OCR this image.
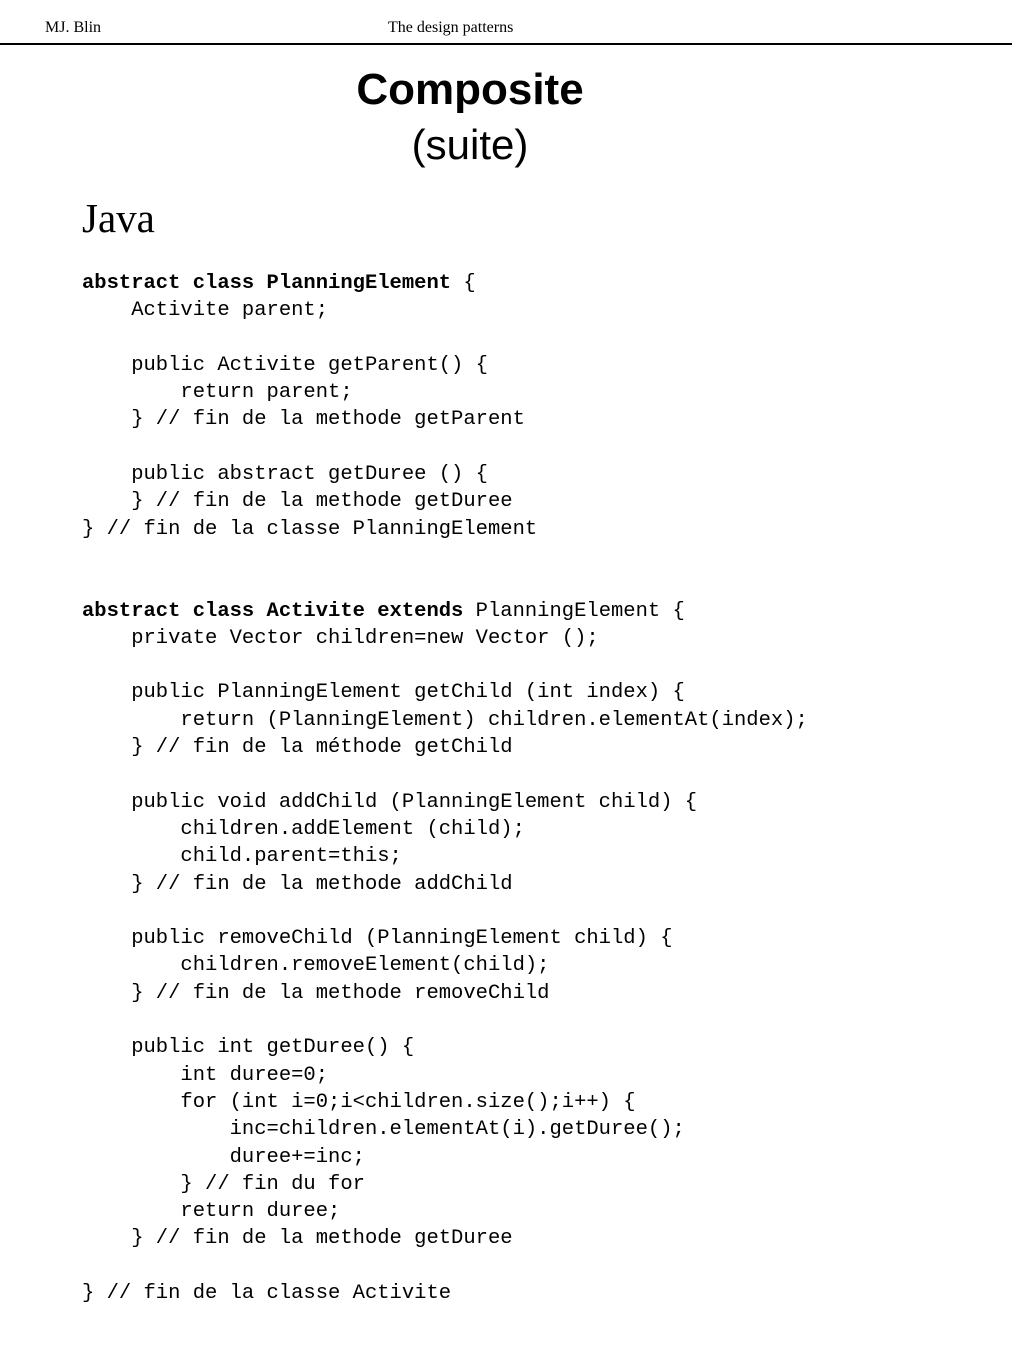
MJ. Blin	The design patterns
Composite
(suite)
Java
abstract class PlanningElement {
Activite parent;
public Activite getParent() {
return parent;
} // fin de la methode getParent
public abstract getDuree () {
} // fin de la methode getDuree
} // fin de la classe PlanningElement
abstract class Activite extends PlanningElement {
private Vector children=new Vector ();
public PlanningElement getChild (int index) {
return (PlanningElement) children.elementAt(index);
} // fin de la méthode getChild
public void addChild (PlanningElement child) {
children.addElement (child);
child.parent=this;
} // fin de la methode addChild
public removeChild (PlanningElement child) {
children.removeElement(child);
} // fin de la methode removeChild
public int getDuree() {
int duree=0;
for (int i=0;i<children.size();i++) {
inc=children.elementAt(i).getDuree();
duree+=inc;
} // fin du for
return duree;
} // fin de la methode getDuree
} // fin de la classe Activite
